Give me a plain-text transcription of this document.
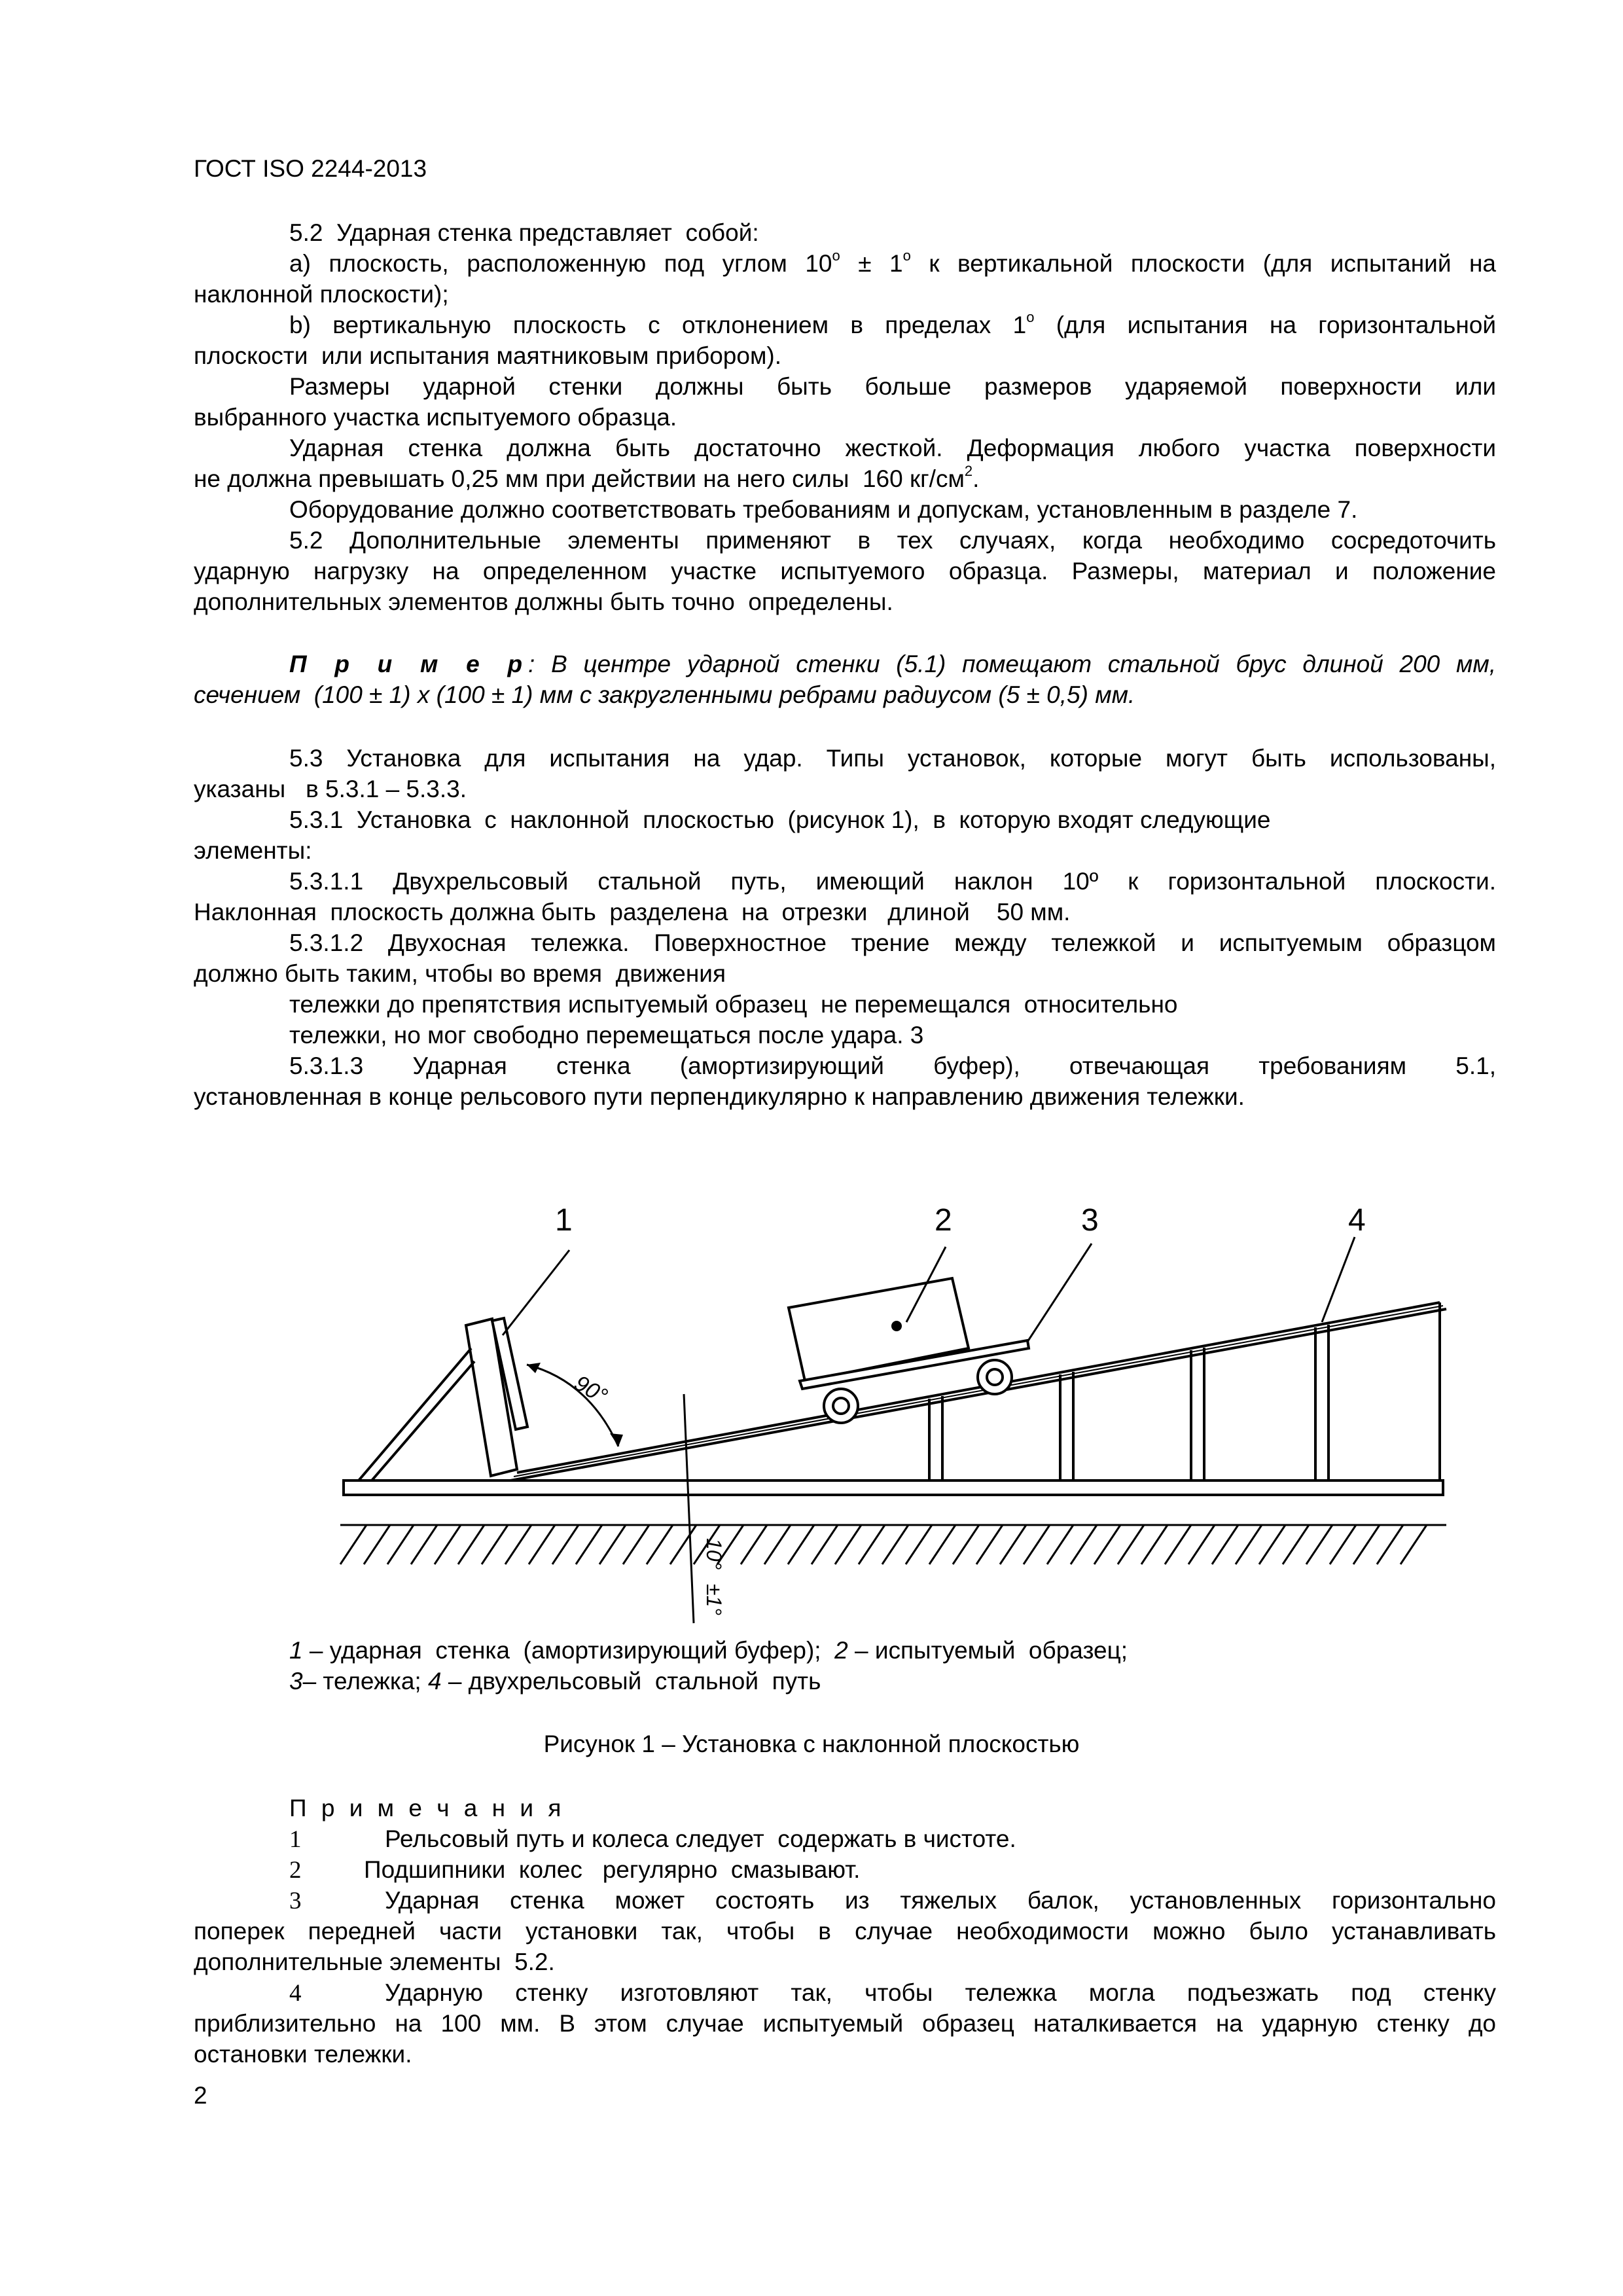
ГОСТ ISO 2244-2013
5.2  Ударная стенка представляет  собой:
а) плоскость, расположенную под углом $10^o \pm 1^o$ к вертикальной плоскости (для испытаний на
наклонной плоскости);
b) вертикальную плоскость с отклонением в пределах 1$^o$ (для испытания на горизонтальной
плоскости  или испытания маятниковым прибором).
Размеры ударной стенки должны быть больше размеров ударяемой поверхности или
выбранного участка испытуемого образца.
Ударная стенка должна быть достаточно жесткой. Деформация любого участка поверхности
не должна превышать 0,25 мм при действии на него силы  160 $кг/см^2$.
Оборудование должно соответствовать требованиям и допускам, установленным в разделе 7.
5.2 Дополнительные элементы применяют в тех случаях, когда необходимо сосредоточить
ударную нагрузку на определенном участке испытуемого образца. Размеры, материал и положение
дополнительных элементов должны быть точно  определены.
П р и м е р: В центре ударной стенки (5.1) помещают стальной брус длиной 200 мм,
сечением  (100 ± 1) х (100 ± 1) мм с закругленными ребрами радиусом (5 ± 0,5) мм.
5.3 Установка для испытания на удар. Типы установок, которые могут быть использованы,
указаны   в 5.3.1 – 5.3.3.
5.3.1  Установка  с  наклонной  плоскостью  (рисунок 1),  в  которую входят следующие
элементы:
5.3.1.1 Двухрельсовый стальной путь, имеющий наклон 10º к горизонтальной плоскости.
Наклонная  плоскость должна быть  разделена  на  отрезки   длиной    50 мм.
5.3.1.2 Двухосная тележка. Поверхностное трение между тележкой и испытуемым образцом
должно быть таким, чтобы во время  движения
тележки до препятствия испытуемый образец  не перемещался  относительно
тележки, но мог свободно перемещаться после удара. 3
5.3.1.3 Ударная стенка (амортизирующий буфер), отвечающая требованиям 5.1,
установленная в конце рельсового пути перпендикулярно к направлению движения тележки.
90°
10°
±1°
1	2	3	4
1 – ударная  стенка  (амортизирующий буфер);  2 – испытуемый  образец;
3– тележка; 4 – двухрельсовый  стальной  путь
Рисунок 1 – Установка с наклонной плоскостью
П р и м е ч а н и я
1	Рельсовый путь и колеса следует  содержать в чистоте.
2	Подшипники  колес   регулярно  смазывают.
3	Ударная стенка может состоять из тяжелых балок, установленных горизонтально
поперек передней части установки так, чтобы в случае необходимости можно было устанавливать
дополнительные элементы  5.2.
4	Ударную стенку изготовляют так, чтобы тележка могла подъезжать под стенку
приблизительно на 100 мм. В этом случае испытуемый образец наталкивается на ударную стенку до
остановки тележки.
2
